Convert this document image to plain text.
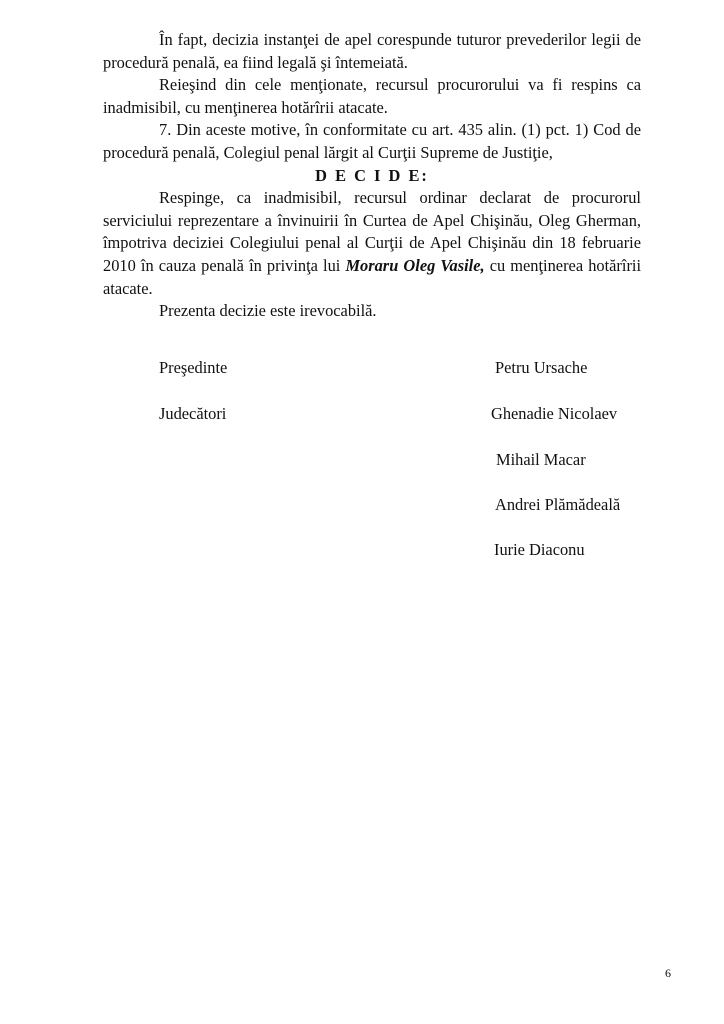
În fapt, decizia instanţei de apel corespunde tuturor prevederilor legii de procedură penală, ea fiind legală şi întemeiată.

Reieşind din cele menţionate, recursul procurorului va fi respins ca inadmisibil, cu menţinerea hotărîrii atacate.

7. Din aceste motive, în conformitate cu art. 435 alin. (1) pct. 1) Cod de procedură penală, Colegiul penal lărgit al Curţii Supreme de Justiţie,

D E C I D E:

Respinge, ca inadmisibil, recursul ordinar declarat de procurorul serviciului reprezentare a învinuirii în Curtea de Apel Chişinău, Oleg Gherman, împotriva deciziei Colegiului penal al Curţii de Apel Chişinău din 18 februarie 2010 în cauza penală în privinţa lui Moraru Oleg Vasile, cu menţinerea hotărîrii atacate.

Prezenta decizie este irevocabilă.

Preşedinte	Petru Ursache
Judecători	Ghenadie Nicolaev
Mihail Macar
Andrei Plămădeală
Iurie Diaconu
6
